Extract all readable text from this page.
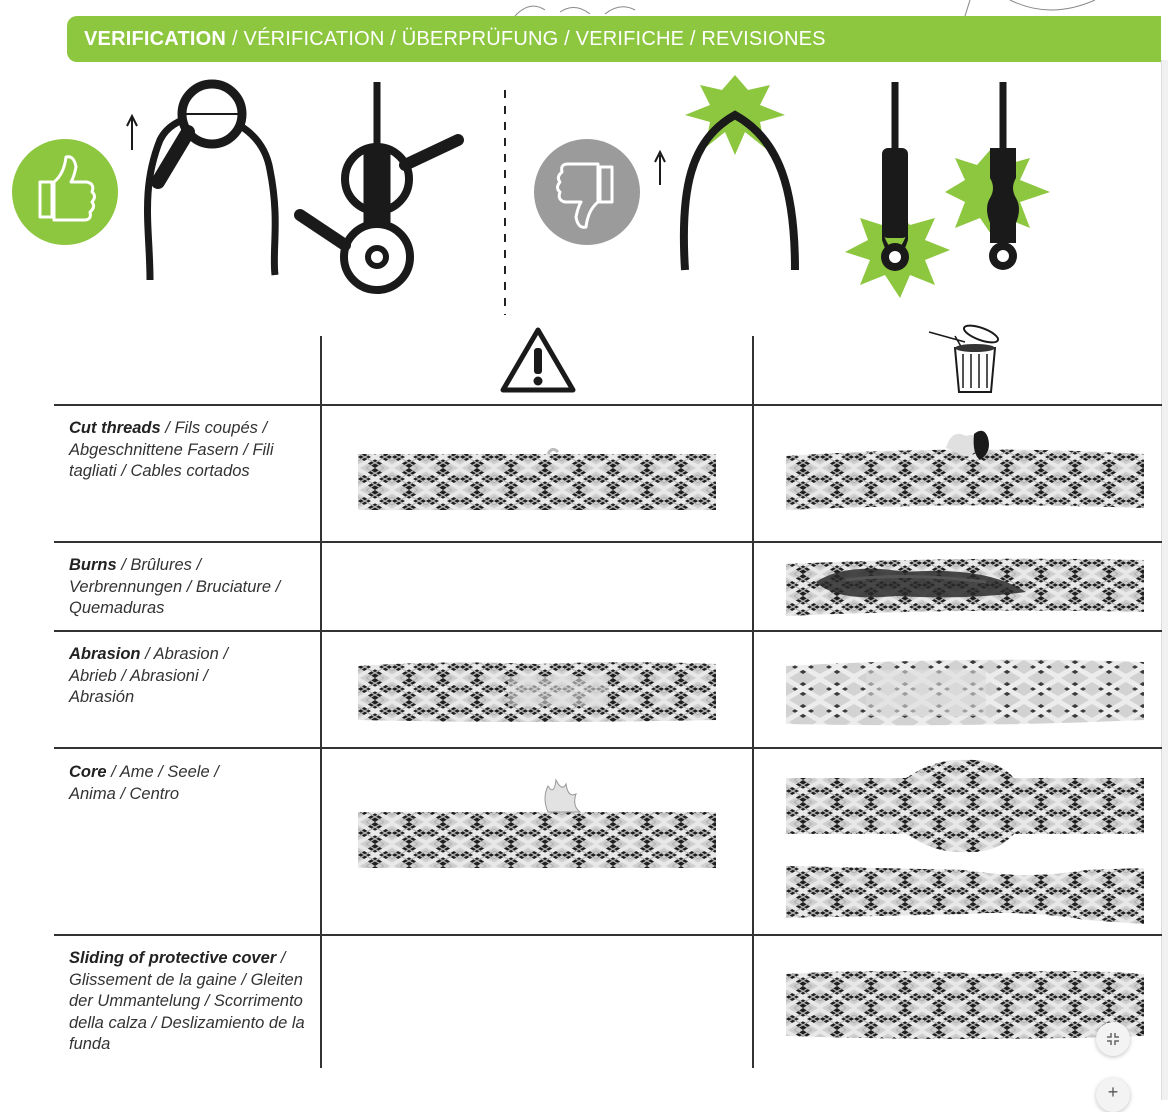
VERIFICATION / VÉRIFICATION / ÜBERPRÜFUNG / VERIFICHE / REVISIONES
Cut threads / Fils coupés / Abgeschnittene Fasern / Fili tagliati / Cables cortados
Burns / Brûlures / Verbrennungen / Bruciature / Quemaduras
Abrasion / Abrasion / Abrieb / Abrasioni / Abrasión
Core / Ame / Seele / Anima / Centro
Sliding of protective cover / Glissement de la gaine / Gleiten der Ummantelung / Scorrimento della calza / Deslizamiento de la funda
+
